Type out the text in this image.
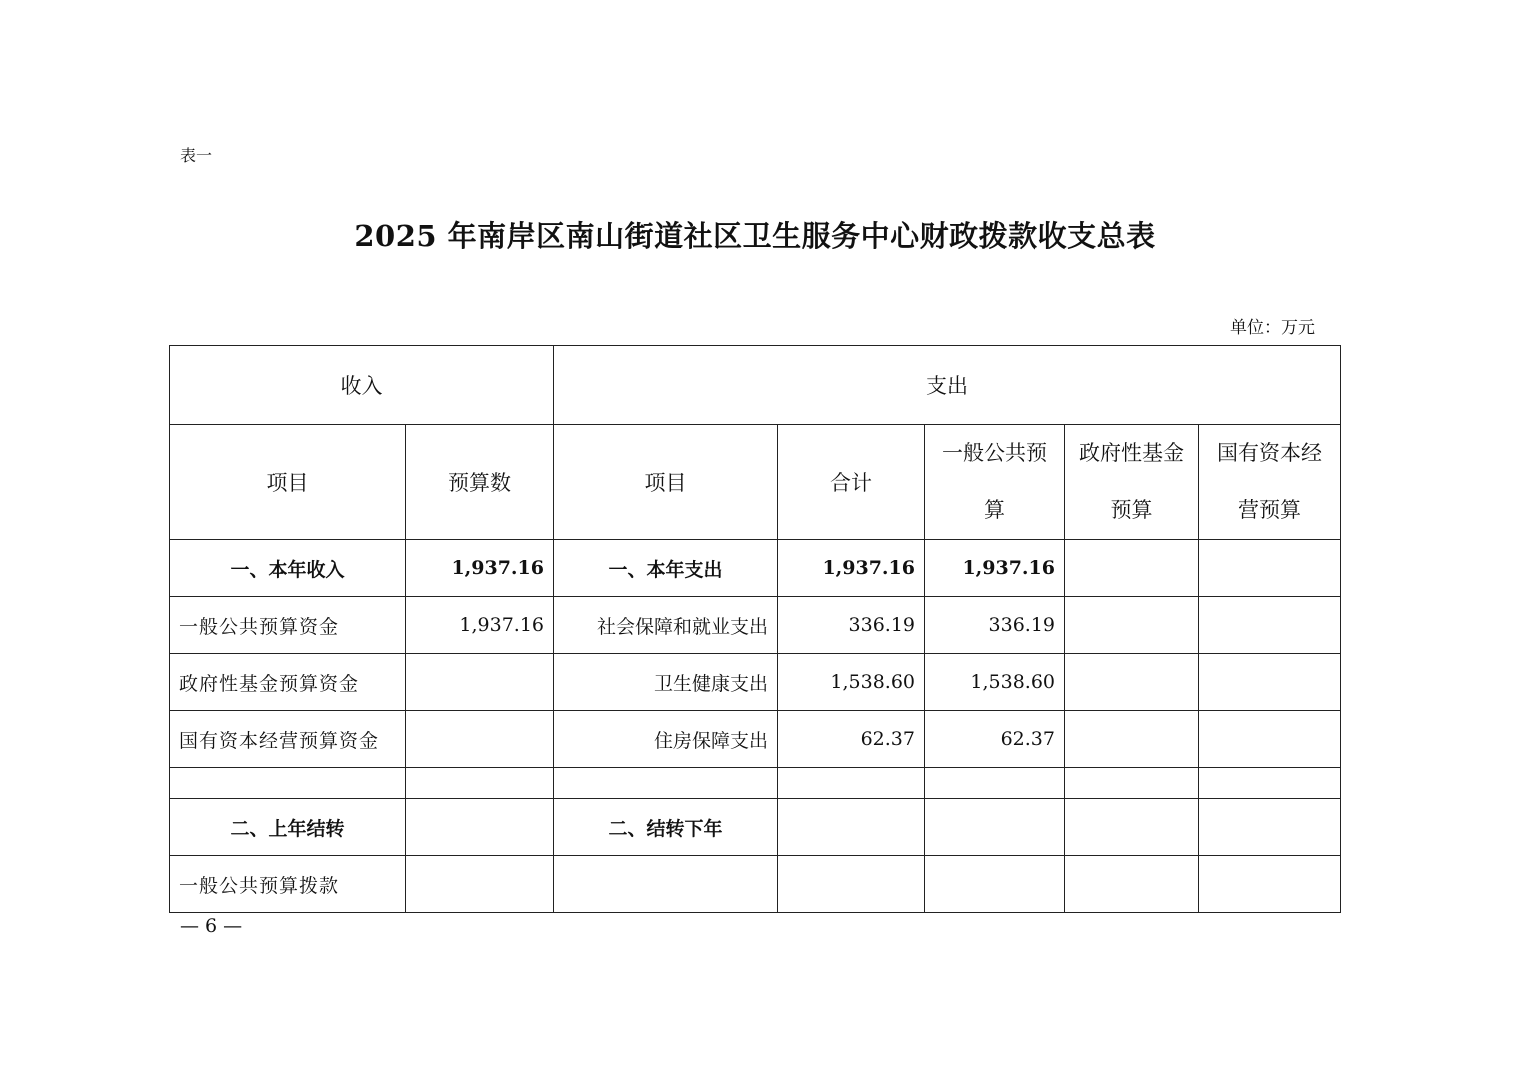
表一
2025 年南岸区南山街道社区卫生服务中心财政拨款收支总表
单位：万元
收入		支出				
项目	预算数	项目	合计	一般公共预算	政府性基金预算	国有资本经营预算
一、本年收入	1,937.16	一、本年支出	1,937.16	1,937.16		
一般公共预算资金	1,937.16	社会保障和就业支出	336.19	336.19		
政府性基金预算资金		卫生健康支出	1,538.60	1,538.60		
国有资本经营预算资金		住房保障支出	62.37	62.37		

二、上年结转		二、结转下年				
一般公共预算拨款						
— 6 —
